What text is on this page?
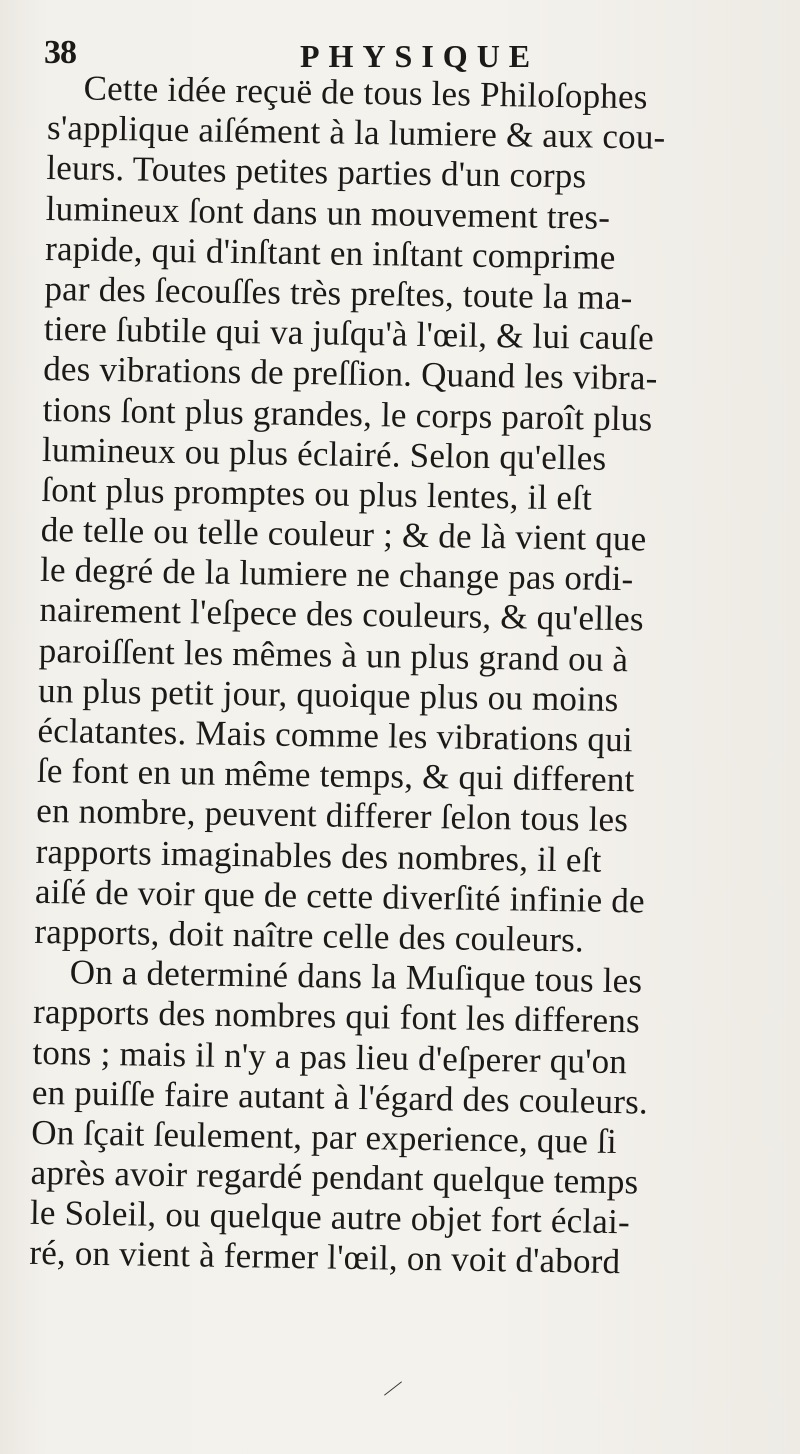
38	PHYSIQUE
Cette idée reçuë de tous les Philoſophes
s'applique aiſément à la lumiere & aux cou-
leurs. Toutes petites parties d'un corps
lumineux ſont dans un mouvement tres-
rapide, qui d'inſtant en inſtant comprime
par des ſecouſſes très preſtes, toute la ma-
tiere ſubtile qui va juſqu'à l'œil, & lui cauſe
des vibrations de preſſion. Quand les vibra-
tions ſont plus grandes, le corps paroît plus
lumineux ou plus éclairé. Selon qu'elles
ſont plus promptes ou plus lentes, il eſt
de telle ou telle couleur ; & de là vient que
le degré de la lumiere ne change pas ordi-
nairement l'eſpece des couleurs, & qu'elles
paroiſſent les mêmes à un plus grand ou à
un plus petit jour, quoique plus ou moins
éclatantes. Mais comme les vibrations qui
ſe font en un même temps, & qui different
en nombre, peuvent differer ſelon tous les
rapports imaginables des nombres, il eſt
aiſé de voir que de cette diverſité infinie de
rapports, doit naître celle des couleurs.
On a determiné dans la Muſique tous les
rapports des nombres qui font les differens
tons ; mais il n'y a pas lieu d'eſperer qu'on
en puiſſe faire autant à l'égard des couleurs.
On ſçait ſeulement, par experience, que ſi
après avoir regardé pendant quelque temps
le Soleil, ou quelque autre objet fort éclai-
ré, on vient à fermer l'œil, on voit d'abord
